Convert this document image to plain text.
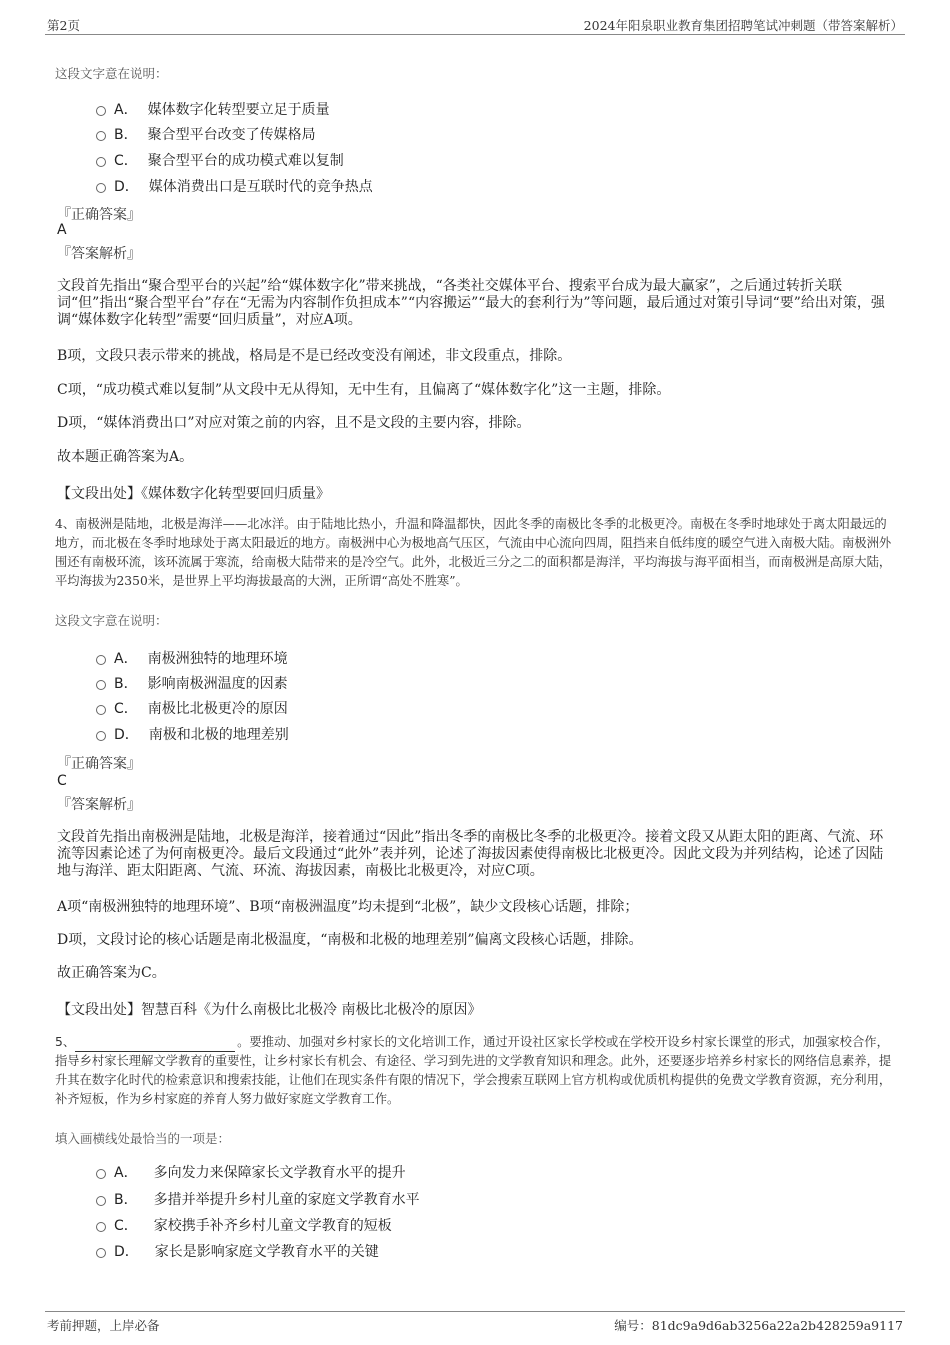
第2页	2024年阳泉职业教育集团招聘笔试冲刺题（带答案解析）
这段文字意在说明：
A． 媒体数字化转型要立足于质量
B． 聚合型平台改变了传媒格局
C． 聚合型平台的成功模式难以复制
D． 媒体消费出口是互联时代的竞争热点
『正确答案』
A
『答案解析』
文段首先指出“聚合型平台的兴起”给“媒体数字化”带来挑战，“各类社交媒体平台、搜索平台成为最大赢家”，之后通过转折关联词“但”指出“聚合型平台”存在“无需为内容制作负担成本”“内容搬运”“最大的套利行为”等问题，最后通过对策引导词“要”给出对策，强调“媒体数字化转型”需要“回归质量”，对应A项。
B项，文段只表示带来的挑战，格局是不是已经改变没有阐述，非文段重点，排除。
C项，“成功模式难以复制”从文段中无从得知，无中生有，且偏离了“媒体数字化”这一主题，排除。
D项，“媒体消费出口”对应对策之前的内容，且不是文段的主要内容，排除。
故本题正确答案为A。
【文段出处】《媒体数字化转型要回归质量》
4、南极洲是陆地，北极是海洋——北冰洋。由于陆地比热小，升温和降温都快，因此冬季的南极比冬季的北极更冷。南极在冬季时地球处于离太阳最远的地方，而北极在冬季时地球处于离太阳最近的地方。南极洲中心为极地高气压区，气流由中心流向四周，阻挡来自低纬度的暖空气进入南极大陆。南极洲外围还有南极环流，该环流属于寒流，给南极大陆带来的是冷空气。此外，北极近三分之二的面积都是海洋，平均海拔与海平面相当，而南极洲是高原大陆，平均海拔为2350米，是世界上平均海拔最高的大洲，正所谓“高处不胜寒”。
这段文字意在说明：
A． 南极洲独特的地理环境
B． 影响南极洲温度的因素
C． 南极比北极更冷的原因
D． 南极和北极的地理差别
『正确答案』
C
『答案解析』
文段首先指出南极洲是陆地，北极是海洋，接着通过“因此”指出冬季的南极比冬季的北极更冷。接着文段又从距太阳的距离、气流、环流等因素论述了为何南极更冷。最后文段通过“此外”表并列，论述了海拔因素使得南极比北极更冷。因此文段为并列结构，论述了因陆地与海洋、距太阳距离、气流、环流、海拔因素，南极比北极更冷，对应C项。
A项“南极洲独特的地理环境”、B项“南极洲温度”均未提到“北极”，缺少文段核心话题，排除；
D项，文段讨论的核心话题是南北极温度，“南极和北极的地理差别”偏离文段核心话题，排除。
故正确答案为C。
【文段出处】智慧百科《为什么南极比北极冷 南极比北极冷的原因》
5、	。要推动、加强对乡村家长的文化培训工作，通过开设社区家长学校或在学校开设乡村家长课堂的形式，加强家校合作，指导乡村家长理解文学教育的重要性，让乡村家长有机会、有途径、学习到先进的文学教育知识和理念。此外，还要逐步培养乡村家长的网络信息素养，提升其在数字化时代的检索意识和搜索技能，让他们在现实条件有限的情况下，学会搜索互联网上官方机构或优质机构提供的免费文学教育资源，充分利用，补齐短板，作为乡村家庭的养育人努力做好家庭文学教育工作。
填入画横线处最恰当的一项是：
A． 多向发力来保障家长文学教育水平的提升
B． 多措并举提升乡村儿童的家庭文学教育水平
C． 家校携手补齐乡村儿童文学教育的短板
D． 家长是影响家庭文学教育水平的关键
考前押题，上岸必备	编号：81dc9a9d6ab3256a22a2b428259a9117
